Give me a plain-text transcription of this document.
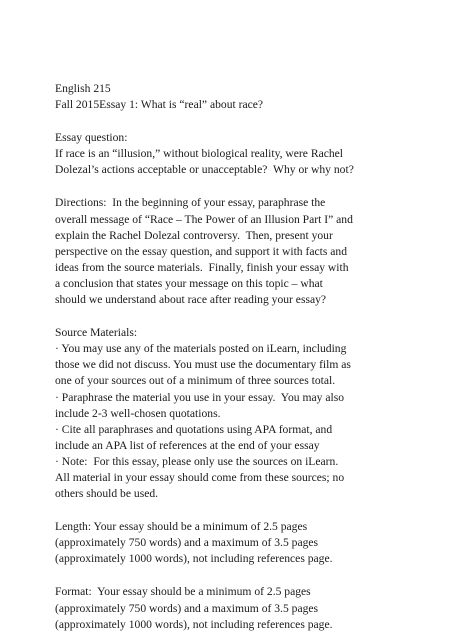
English 215
Fall 2015Essay 1: What is “real” about race?
Essay question:
If race is an “illusion,” without biological reality, were Rachel
Dolezal’s actions acceptable or unacceptable?  Why or why not?
Directions:  In the beginning of your essay, paraphrase the
overall message of “Race – The Power of an Illusion Part I” and
explain the Rachel Dolezal controversy.  Then, present your
perspective on the essay question, and support it with facts and
ideas from the source materials.  Finally, finish your essay with
a conclusion that states your message on this topic – what
should we understand about race after reading your essay?
Source Materials:
· You may use any of the materials posted on iLearn, including
those we did not discuss. You must use the documentary film as
one of your sources out of a minimum of three sources total.
· Paraphrase the material you use in your essay.  You may also
include 2-3 well-chosen quotations.
· Cite all paraphrases and quotations using APA format, and
include an APA list of references at the end of your essay
· Note:  For this essay, please only use the sources on iLearn.
All material in your essay should come from these sources; no
others should be used.
Length: Your essay should be a minimum of 2.5 pages
(approximately 750 words) and a maximum of 3.5 pages
(approximately 1000 words), not including references page.
Format:  Your essay should be a minimum of 2.5 pages
(approximately 750 words) and a maximum of 3.5 pages
(approximately 1000 words), not including references page.
